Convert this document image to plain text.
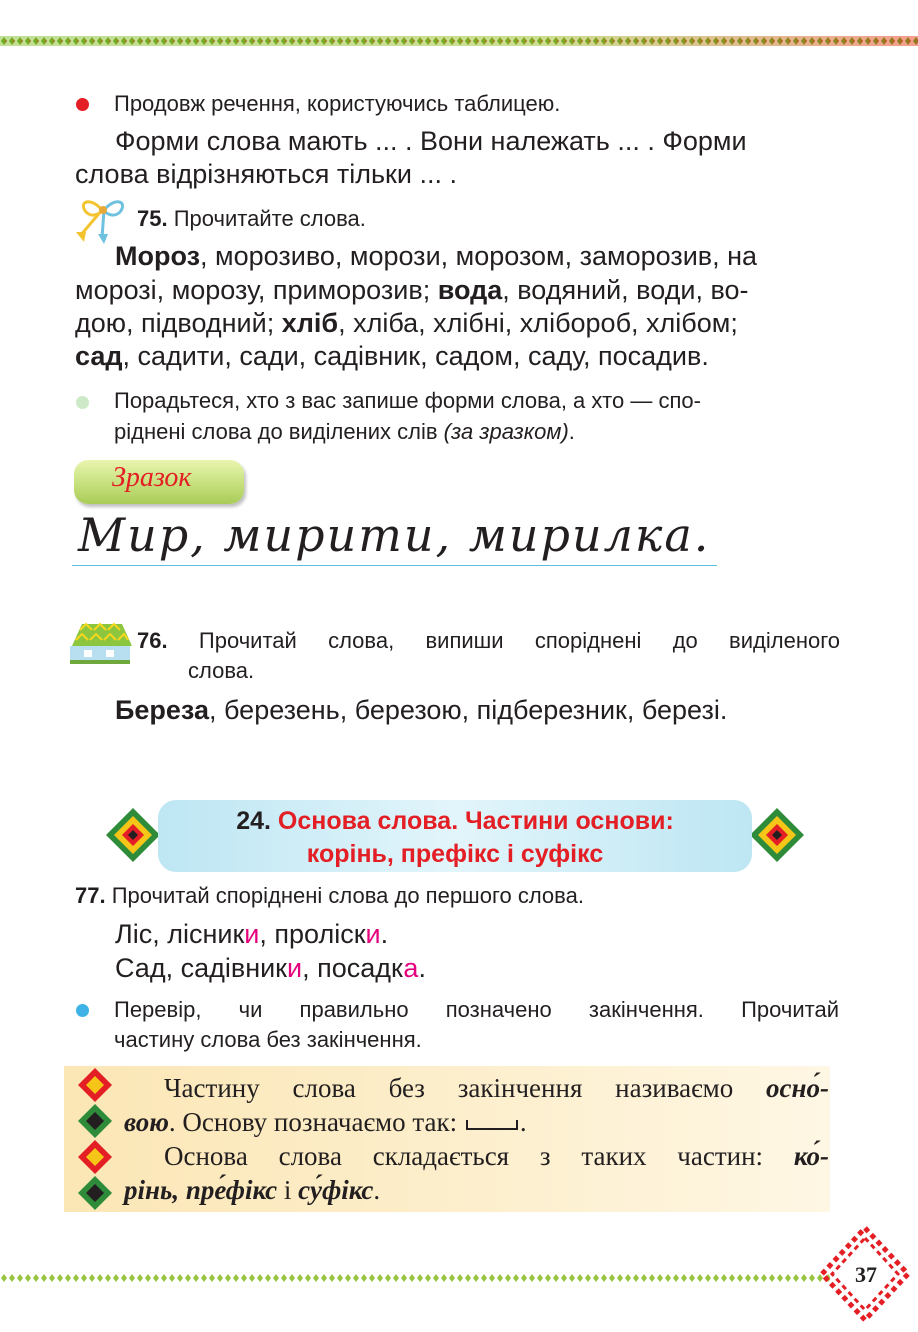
Продовж речення, користуючись таблицею.
Форми слова мають ... . Вони належать ... . Форми
слова відрізняються тільки ... .
75. Прочитайте слова.
Мороз, морозиво, морози, морозом, заморозив, на
морозі, морозу, приморозив; вода, водяний, води, во-
дою, підводний; хліб, хліба, хлібні, хлібороб, хлібом;
сад, садити, сади, садівник, садом, саду, посадив.
Порадьтеся, хто з вас запише форми слова, а хто — спо-
ріднені слова до виділених слів (за зразком).
Зразок
Мир, мирити, мирилка.
76. Прочитай слова, випиши споріднені до виділеного
слова.
Береза, березень, березою, підберезник, березі.
24. Основа слова. Частини основи:
корінь, префікс і суфікс
77. Прочитай споріднені слова до першого слова.
Ліс, лісники, пролiски.
Сад, садівники, посадка.
Перевір, чи правильно позначено закінчення. Прочитай
частину слова без закінчення.
Частину слова без закінчення називаємо осно́-
вою. Основу позначаємо так: .
Основа слова складається з таких частин: ко́-
рінь, пре́фікс і су́фікс.
37
